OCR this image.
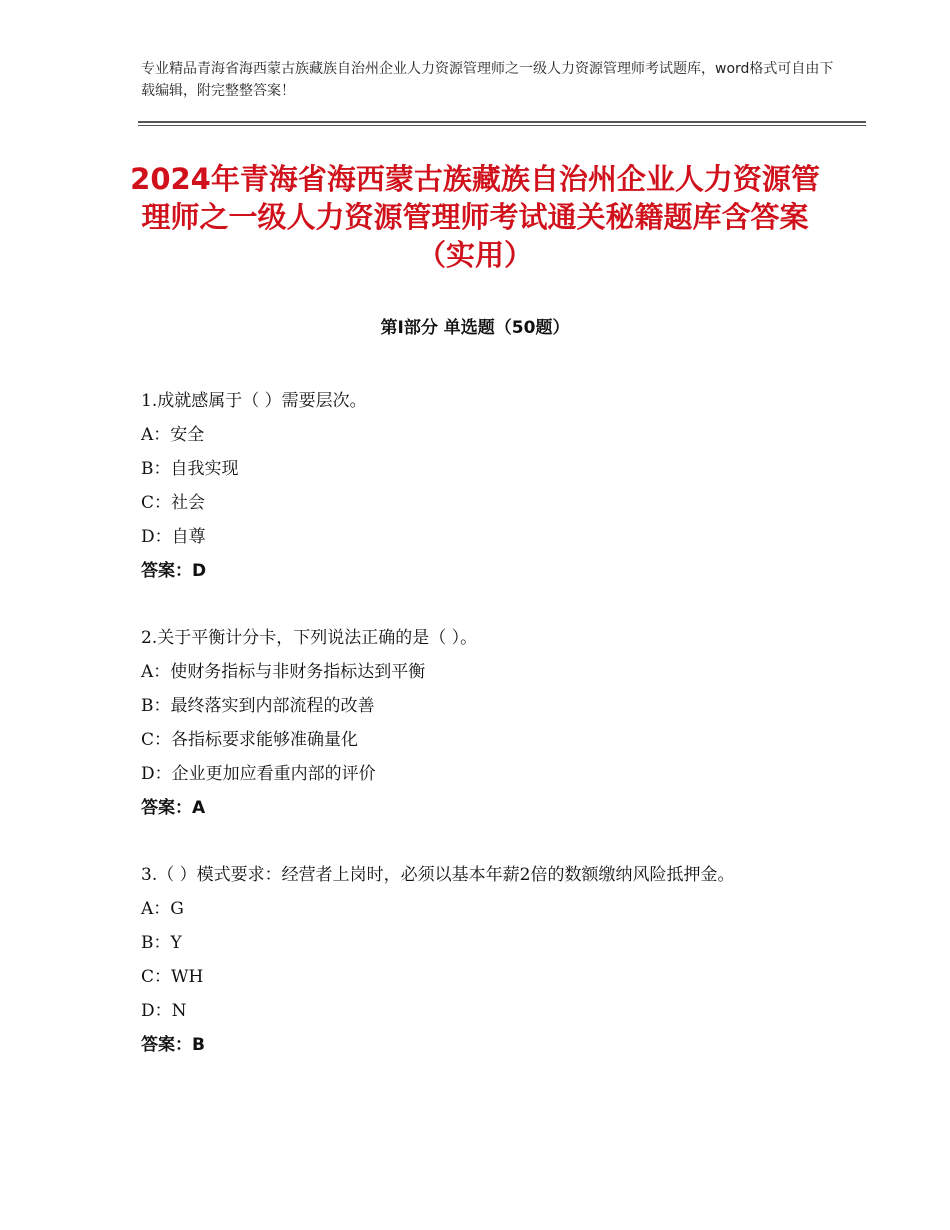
专业精品青海省海西蒙古族藏族自治州企业人力资源管理师之一级人力资源管理师考试题库，word格式可自由下载编辑，附完整整答案！
2024年青海省海西蒙古族藏族自治州企业人力资源管理师之一级人力资源管理师考试通关秘籍题库含答案（实用）
第Ⅰ部分 单选题（50题）
1.成就感属于（ ）需要层次。
A：安全
B：自我实现
C：社会
D：自尊
答案：D
2.关于平衡计分卡，下列说法正确的是（ ）。
A：使财务指标与非财务指标达到平衡
B：最终落实到内部流程的改善
C：各指标要求能够准确量化
D：企业更加应看重内部的评价
答案：A
3.（ ）模式要求：经营者上岗时，必须以基本年薪2倍的数额缴纳风险抵押金。
A：G
B：Y
C：WH
D：N
答案：B
